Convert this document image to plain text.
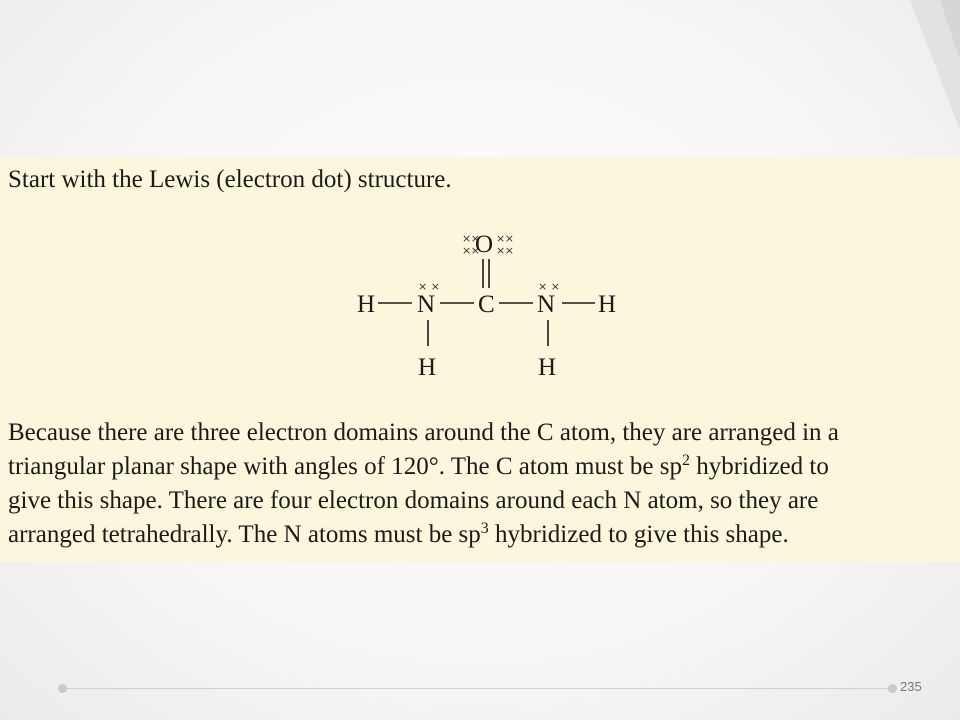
Start with the Lewis (electron dot) structure.
× ×
× ×
O × ×
× ×
× ×	× ×
H N C N H
H	H
Because there are three electron domains around the C atom, they are arranged in a
triangular planar shape with angles of 120°. The C atom must be $sp^2$ hybridized to
give this shape. There are four electron domains around each N atom, so they are
arranged tetrahedrally. The N atoms must be $sp^3$ hybridized to give this shape.
235
